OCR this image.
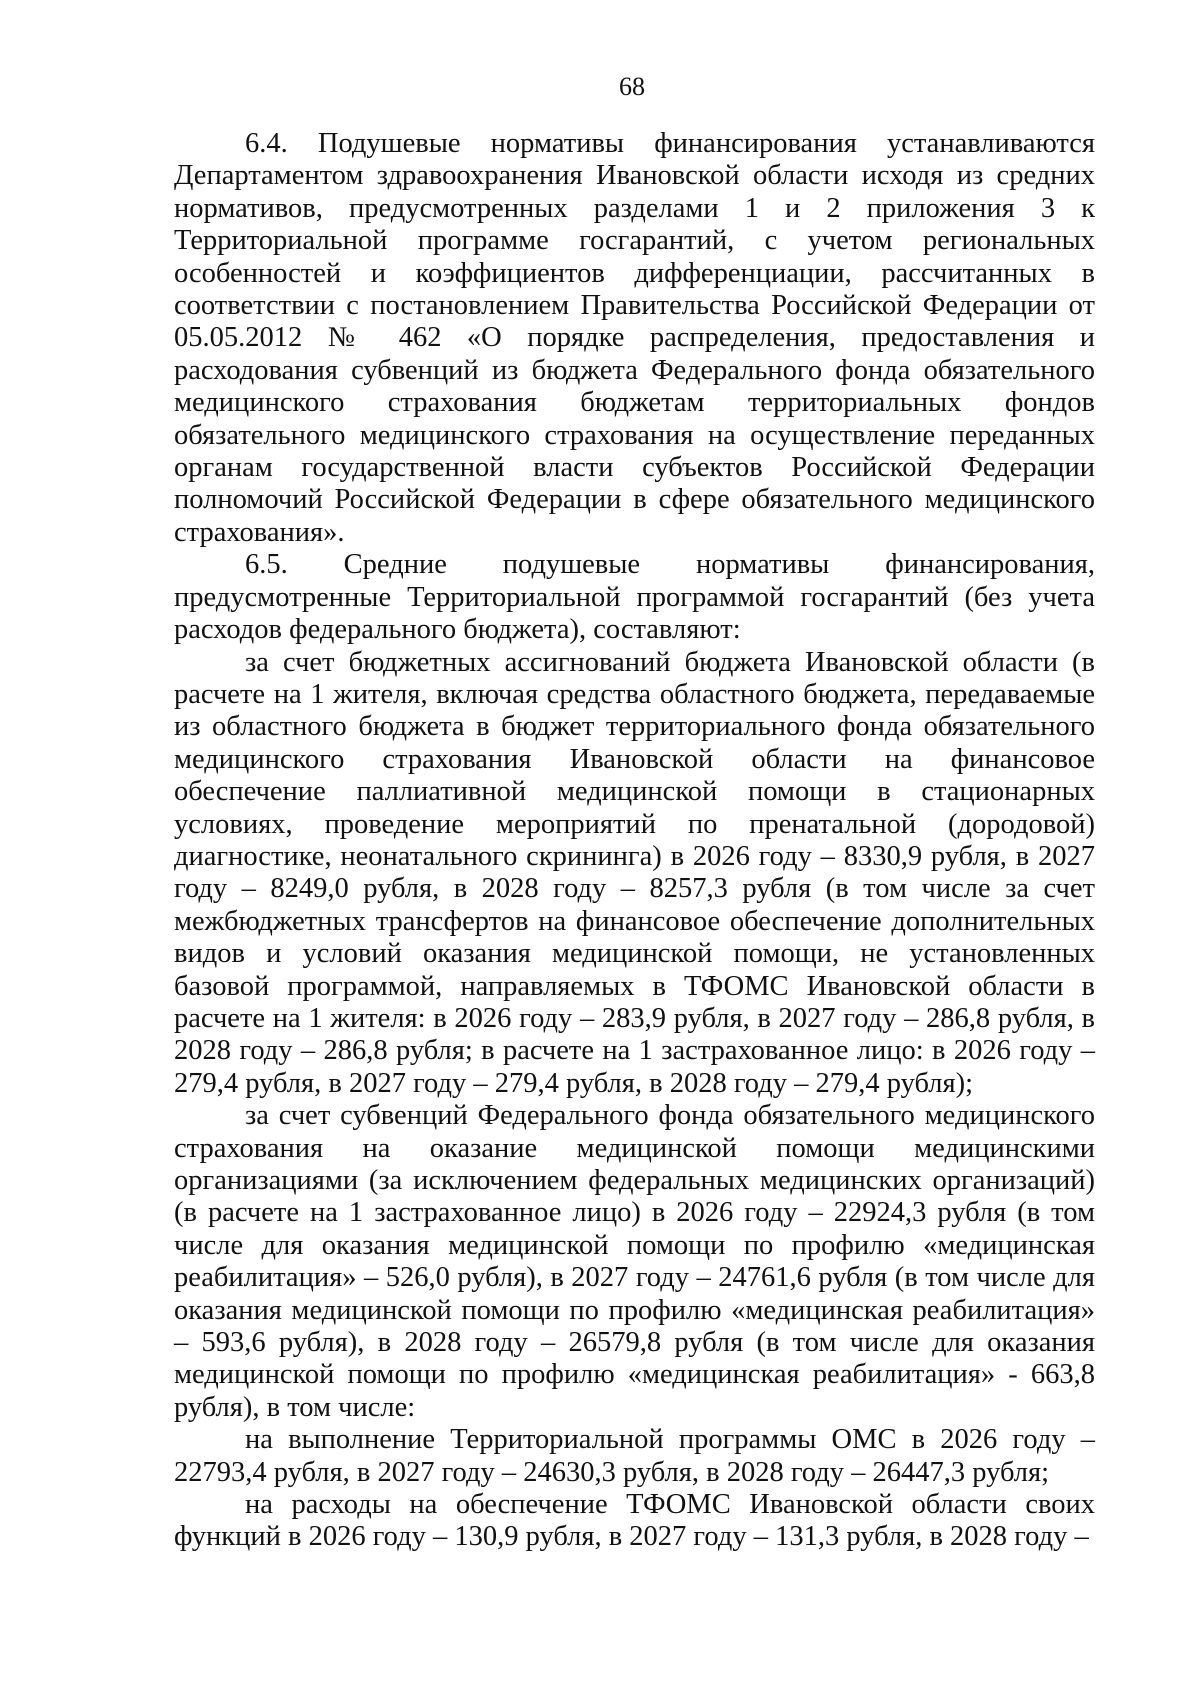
68

6.4. Подушевые нормативы финансирования устанавливаются Департаментом здравоохранения Ивановской области исходя из средних нормативов, предусмотренных разделами 1 и 2 приложения 3 к Территориальной программе госгарантий, с учетом региональных особенностей и коэффициентов дифференциации, рассчитанных в соответствии с постановлением Правительства Российской Федерации от 05.05.2012 № 462 «О порядке распределения, предоставления и расходования субвенций из бюджета Федерального фонда обязательного медицинского страхования бюджетам территориальных фондов обязательного медицинского страхования на осуществление переданных органам государственной власти субъектов Российской Федерации полномочий Российской Федерации в сфере обязательного медицинского страхования».

6.5. Средние подушевые нормативы финансирования, предусмотренные Территориальной программой госгарантий (без учета расходов федерального бюджета), составляют:

за счет бюджетных ассигнований бюджета Ивановской области (в расчете на 1 жителя, включая средства областного бюджета, передаваемые из областного бюджета в бюджет территориального фонда обязательного медицинского страхования Ивановской области на финансовое обеспечение паллиативной медицинской помощи в стационарных условиях, проведение мероприятий по пренатальной (дородовой) диагностике, неонатального скрининга) в 2026 году – 8330,9 рубля, в 2027 году – 8249,0 рубля, в 2028 году – 8257,3 рубля (в том числе за счет межбюджетных трансфертов на финансовое обеспечение дополнительных видов и условий оказания медицинской помощи, не установленных базовой программой, направляемых в ТФОМС Ивановской области в расчете на 1 жителя: в 2026 году – 283,9 рубля, в 2027 году – 286,8 рубля, в 2028 году – 286,8 рубля; в расчете на 1 застрахованное лицо: в 2026 году – 279,4 рубля, в 2027 году – 279,4 рубля, в 2028 году – 279,4 рубля);

за счет субвенций Федерального фонда обязательного медицинского страхования на оказание медицинской помощи медицинскими организациями (за исключением федеральных медицинских организаций) (в расчете на 1 застрахованное лицо) в 2026 году – 22924,3 рубля (в том числе для оказания медицинской помощи по профилю «медицинская реабилитация» – 526,0 рубля), в 2027 году – 24761,6 рубля (в том числе для оказания медицинской помощи по профилю «медицинская реабилитация» – 593,6 рубля), в 2028 году – 26579,8 рубля (в том числе для оказания медицинской помощи по профилю «медицинская реабилитация» - 663,8 рубля), в том числе:

на выполнение Территориальной программы ОМС в 2026 году – 22793,4 рубля, в 2027 году – 24630,3 рубля, в 2028 году – 26447,3 рубля;

на расходы на обеспечение ТФОМС Ивановской области своих функций в 2026 году – 130,9 рубля, в 2027 году – 131,3 рубля, в 2028 году –
